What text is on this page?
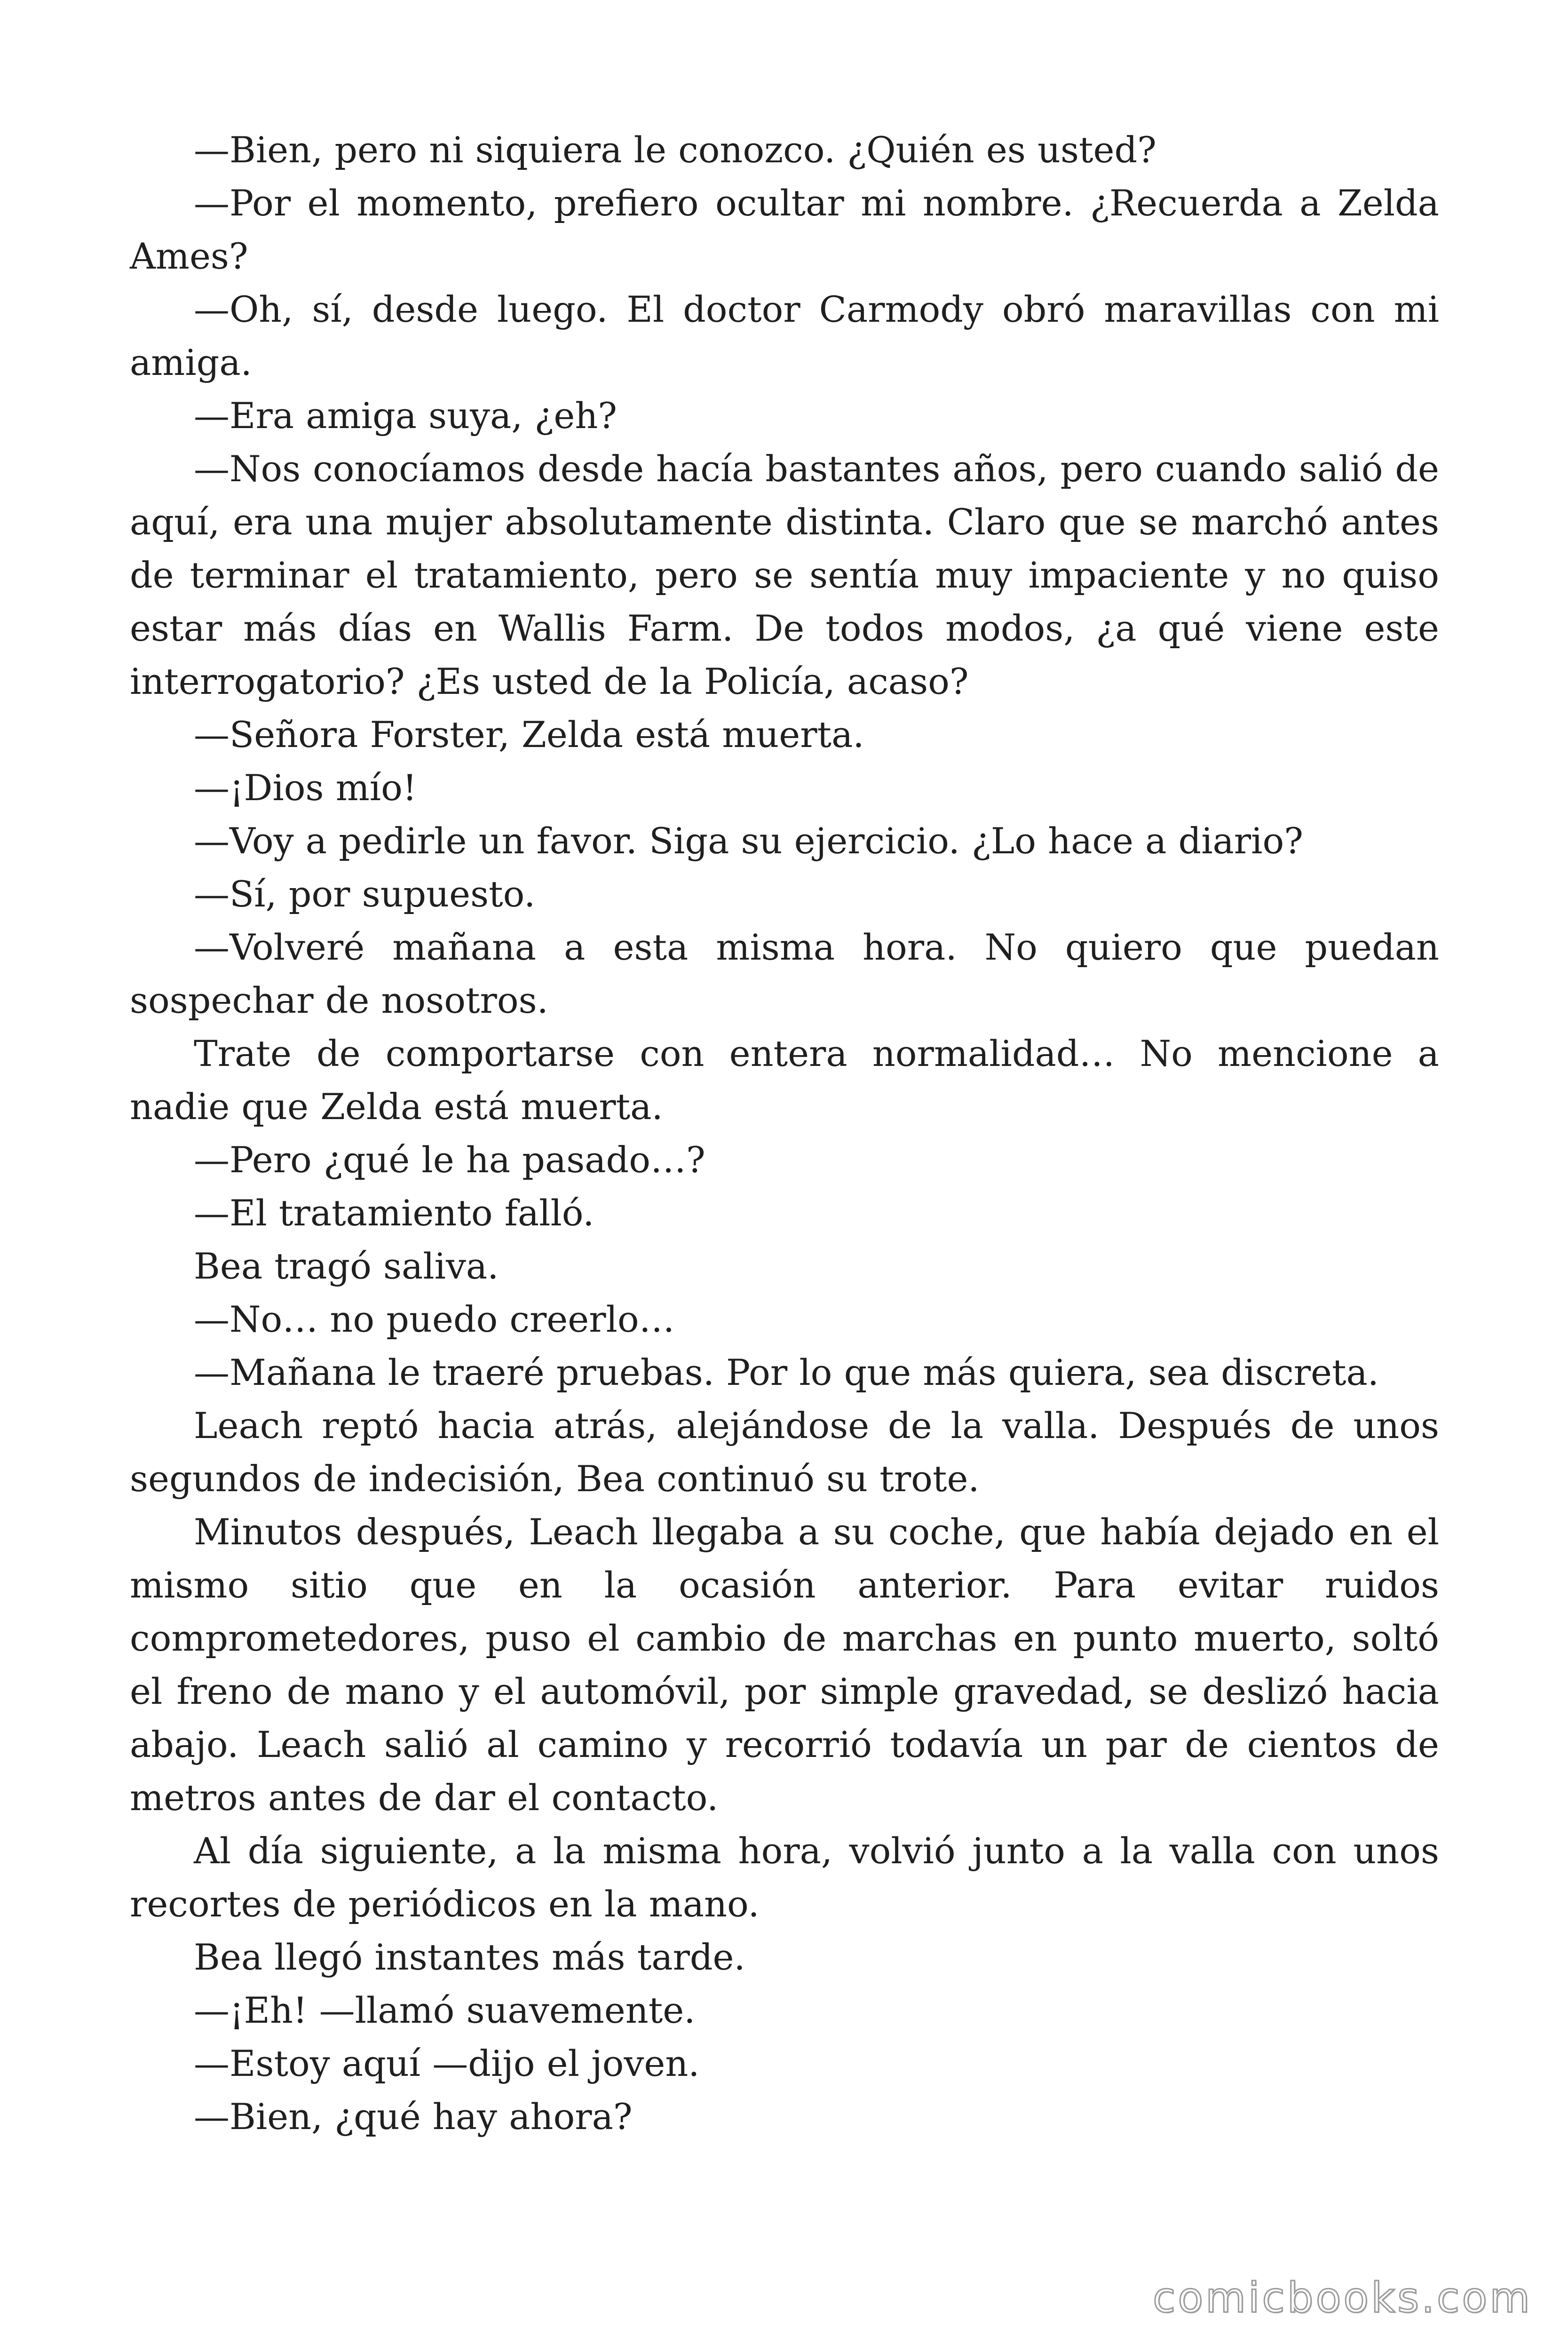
—Bien, pero ni siquiera le conozco. ¿Quién es usted?

—Por el momento, prefiero ocultar mi nombre. ¿Recuerda a Zelda Ames?

—Oh, sí, desde luego. El doctor Carmody obró maravillas con mi amiga.

—Era amiga suya, ¿eh?

—Nos conocíamos desde hacía bastantes años, pero cuando salió de aquí, era una mujer absolutamente distinta. Claro que se marchó antes de terminar el tratamiento, pero se sentía muy impaciente y no quiso estar más días en Wallis Farm. De todos modos, ¿a qué viene este interrogatorio? ¿Es usted de la Policía, acaso?

—Señora Forster, Zelda está muerta.

—¡Dios mío!

—Voy a pedirle un favor. Siga su ejercicio. ¿Lo hace a diario?

—Sí, por supuesto.

—Volveré mañana a esta misma hora. No quiero que puedan sospechar de nosotros.

Trate de comportarse con entera normalidad… No mencione a nadie que Zelda está muerta.

—Pero ¿qué le ha pasado…?

—El tratamiento falló.

Bea tragó saliva.

—No… no puedo creerlo…

—Mañana le traeré pruebas. Por lo que más quiera, sea discreta.

Leach reptó hacia atrás, alejándose de la valla. Después de unos segundos de indecisión, Bea continuó su trote.

Minutos después, Leach llegaba a su coche, que había dejado en el mismo sitio que en la ocasión anterior. Para evitar ruidos comprometedores, puso el cambio de marchas en punto muerto, soltó el freno de mano y el automóvil, por simple gravedad, se deslizó hacia abajo. Leach salió al camino y recorrió todavía un par de cientos de metros antes de dar el contacto.

Al día siguiente, a la misma hora, volvió junto a la valla con unos recortes de periódicos en la mano.

Bea llegó instantes más tarde.

—¡Eh! —llamó suavemente.

—Estoy aquí —dijo el joven.

—Bien, ¿qué hay ahora?

comicbooks.com
